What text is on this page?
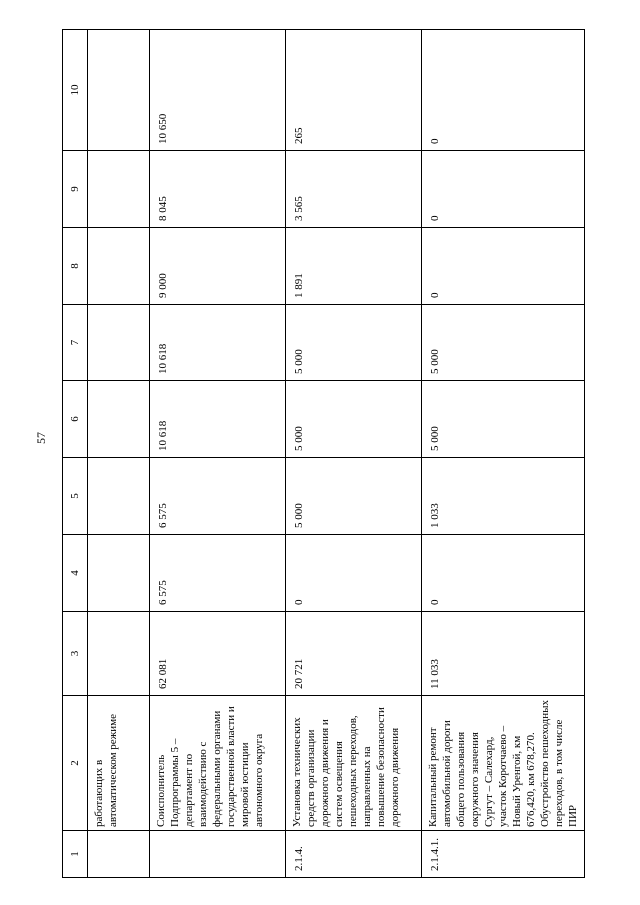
57
1	2	3	4	5	6	7	8	9	10
	работающих в автоматическом режиме								
	Соисполнитель Подпрограммы 5 – департамент по взаимодействию с федеральными органами государственной власти и мировой юстиции автономного округа	62 081	6 575	6 575	10 618	10 618	9 000	8 045	10 650
2.1.4.	Установка технических средств организации дорожного движения и систем освещения пешеходных переходов, направленных на повышение безопасности дорожного движения	20 721	0	5 000	5 000	5 000	1 891	3 565	265
2.1.4.1.	Капитальный ремонт автомобильной дороги общего пользования окружного значения Сургут – Салехард, участок Коротчаево – Новый Уренгой, км 676,420, км 678,270. Обустройство пешеходных переходов, в том числе ПИР	11 033	0	1 033	5 000	5 000	0	0	0
